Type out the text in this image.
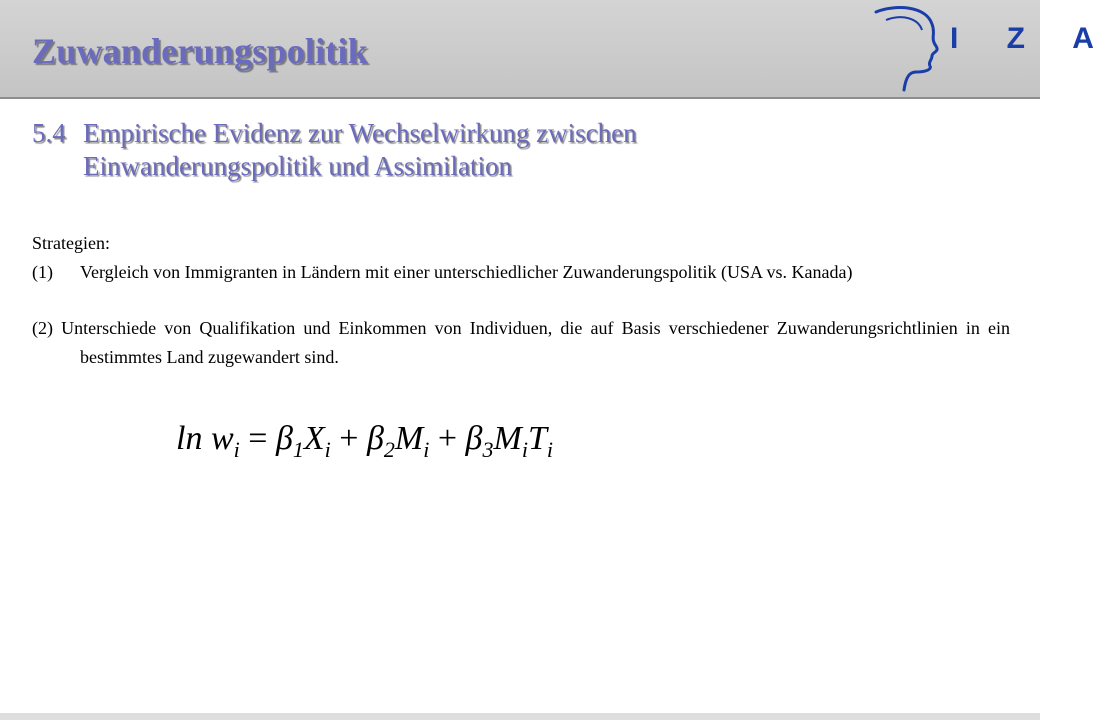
Zuwanderungspolitik	I Z A
5.4 Empirische Evidenz zur Wechselwirkung zwischen Einwanderungspolitik und Assimilation

Strategien:

(1) Vergleich von Immigranten in Ländern mit einer unterschiedlicher Zuwanderungspolitik (USA vs. Kanada)
(2) Unterschiede von Qualifikation und Einkommen von Individuen, die auf Basis verschiedener Zuwanderungsrichtlinien in ein bestimmtes Land zugewandert sind.
$\ln w_i = \beta_1X_i + \beta_2M_i + \beta_3M_iT_i$
